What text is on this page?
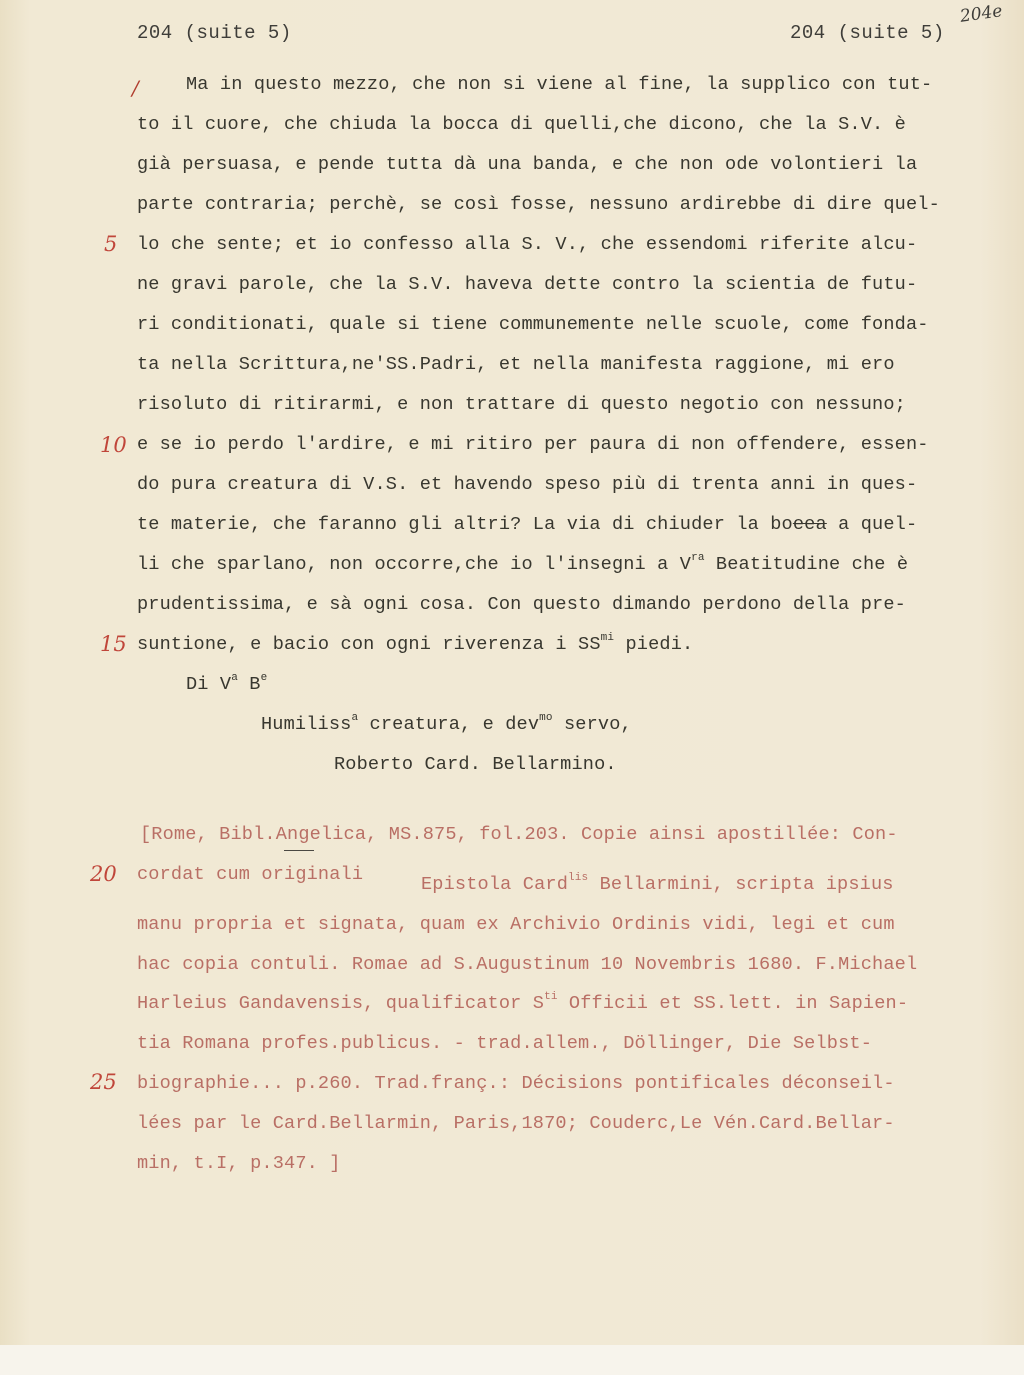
204 (suite 5)	204 (suite 5)
204e
/
5
10
15
20
25
Ma in questo mezzo, che non si viene al fine, la supplico con tut-
to il cuore, che chiuda la bocca di quelli,che dicono, che la S.V. è
già persuasa, e pende tutta dà una banda, e che non ode volontieri la
parte contraria; perchè, se così fosse, nessuno ardirebbe di dire quel-
lo che sente; et io confesso alla S. V., che essendomi riferite alcu-
ne gravi parole, che la S.V. haveva dette contro la scientia de futu-
ri conditionati, quale si tiene communemente nelle scuole, come fonda-
ta nella Scrittura,ne'SS.Padri, et nella manifesta raggione, mi ero
risoluto di ritirarmi, e non trattare di questo negotio con nessuno;
e se io perdo l'ardire, e mi ritiro per paura di non offendere, essen-
do pura creatura di V.S. et havendo speso più di trenta anni in ques-
te materie, che faranno gli altri? La via di chiuder la boeea a quel-
li che sparlano, non occorre,che io l'insegni a $V^{ra}$ Beatitudine che è
prudentissima, e sà ogni cosa. Con questo dimando perdono della pre-
suntione, e bacio con ogni riverenza i $SS^{mi}$ piedi.
Di $V^a$ $B^e$
Humiliss$^a$ creatura, e dev$^{mo}$ servo,
Roberto Card. Bellarmino.
[Rome, Bibl.Angelica, MS.875, fol.203. Copie ainsi apostillée: Con-
cordat cum originali	Epistola Card$^{lis}$ Bellarmini, scripta ipsius
manu propria et signata, quam ex Archivio Ordinis vidi, legi et cum
hac copia contuli. Romae ad S.Augustinum 10 Novembris 1680. F.Michael
Harleius Gandavensis, qualificator $S^{ti}$ Officii et SS.lett. in Sapien-
tia Romana profes.publicus. - trad.allem., Döllinger, Die Selbst-
biographie... p.260. Trad.franç.: Décisions pontificales déconseil-
lées par le Card.Bellarmin, Paris,1870; Couderc,Le Vén.Card.Bellar-
min, t.I, p.347. ]
